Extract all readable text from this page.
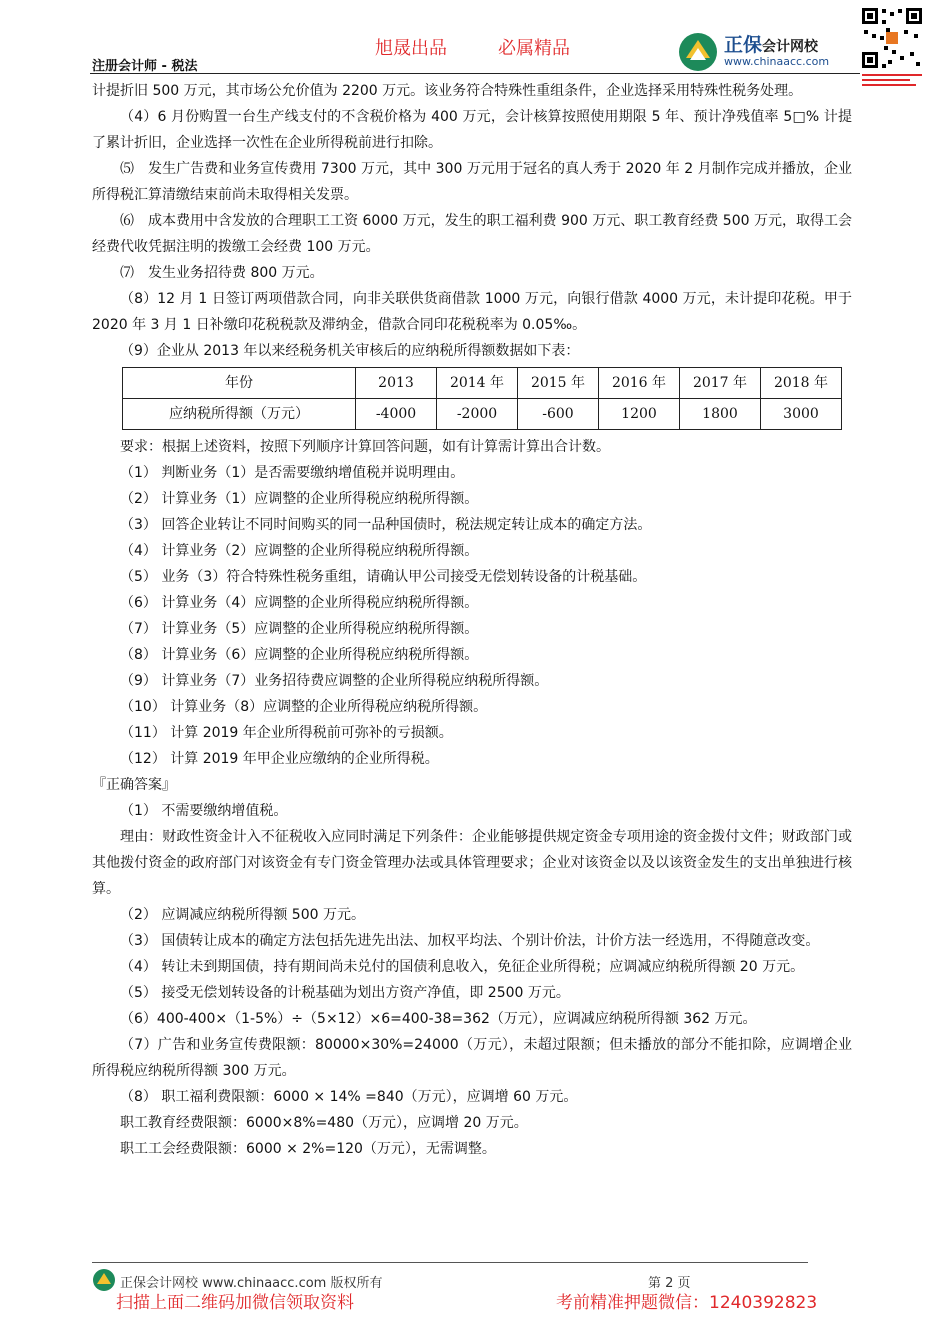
旭晟出品	必属精品
注册会计师 - 税法
正保会计网校
www.chinaacc.com

计提折旧 500 万元，其市场公允价值为 2200 万元。该业务符合特殊性重组条件，企业选择采用特殊性税务处理。

（4）6 月份购置一台生产线支付的不含税价格为 400 万元，会计核算按照使用期限 5 年、预计净残值率 5□% 计提了累计折旧，企业选择一次性在企业所得税前进行扣除。

⑸　发生广告费和业务宣传费用 7300 万元，其中 300 万元用于冠名的真人秀于 2020 年 2 月制作完成并播放，企业所得税汇算清缴结束前尚未取得相关发票。

⑹　成本费用中含发放的合理职工工资 6000 万元，发生的职工福利费 900 万元、职工教育经费 500 万元，取得工会经费代收凭据注明的拨缴工会经费 100 万元。

⑺　发生业务招待费 800 万元。

（8）12 月 1 日签订两项借款合同，向非关联供货商借款 1000 万元，向银行借款 4000 万元，未计提印花税。甲于 2020 年 3 月 1 日补缴印花税税款及滞纳金，借款合同印花税税率为 0.05‰。

（9）企业从 2013 年以来经税务机关审核后的应纳税所得额数据如下表：

年份	2013	2014 年	2015 年	2016 年	2017 年	2018 年
应纳税所得额（万元）	-4000	-2000	-600	1200	1800	3000

要求：根据上述资料，按照下列顺序计算回答问题，如有计算需计算出合计数。

（1） 判断业务（1）是否需要缴纳增值税并说明理由。

（2） 计算业务（1）应调整的企业所得税应纳税所得额。

（3） 回答企业转让不同时间购买的同一品种国债时，税法规定转让成本的确定方法。

（4） 计算业务（2）应调整的企业所得税应纳税所得额。

（5） 业务（3）符合特殊性税务重组，请确认甲公司接受无偿划转设备的计税基础。

（6） 计算业务（4）应调整的企业所得税应纳税所得额。

（7） 计算业务（5）应调整的企业所得税应纳税所得额。

（8） 计算业务（6）应调整的企业所得税应纳税所得额。

（9） 计算业务（7）业务招待费应调整的企业所得税应纳税所得额。

（10） 计算业务（8）应调整的企业所得税应纳税所得额。

（11） 计算 2019 年企业所得税前可弥补的亏损额。

（12） 计算 2019 年甲企业应缴纳的企业所得税。

『正确答案』

（1） 不需要缴纳增值税。

理由：财政性资金计入不征税收入应同时满足下列条件：企业能够提供规定资金专项用途的资金拨付文件；财政部门或其他拨付资金的政府部门对该资金有专门资金管理办法或具体管理要求；企业对该资金以及以该资金发生的支出单独进行核算。

（2） 应调减应纳税所得额 500 万元。

（3） 国债转让成本的确定方法包括先进先出法、加权平均法、个别计价法，计价方法一经选用，不得随意改变。

（4） 转让未到期国债，持有期间尚未兑付的国债利息收入，免征企业所得税；应调减应纳税所得额 20 万元。

（5） 接受无偿划转设备的计税基础为划出方资产净值，即 2500 万元。

（6）400-400×（1-5%）÷（5×12）×6=400-38=362（万元），应调减应纳税所得额 362 万元。

（7）广告和业务宣传费限额：80000×30%=24000（万元），未超过限额；但未播放的部分不能扣除，应调增企业所得税应纳税所得额 300 万元。

（8） 职工福利费限额：6000 × 14% =840（万元），应调增 60 万元。

职工教育经费限额：6000×8%=480（万元），应调增 20 万元。

职工工会经费限额：6000 × 2%=120（万元），无需调整。

正保会计网校 www.chinaacc.com 版权所有	第 2 页
扫描上面二维码加微信领取资料	考前精准押题微信：1240392823
